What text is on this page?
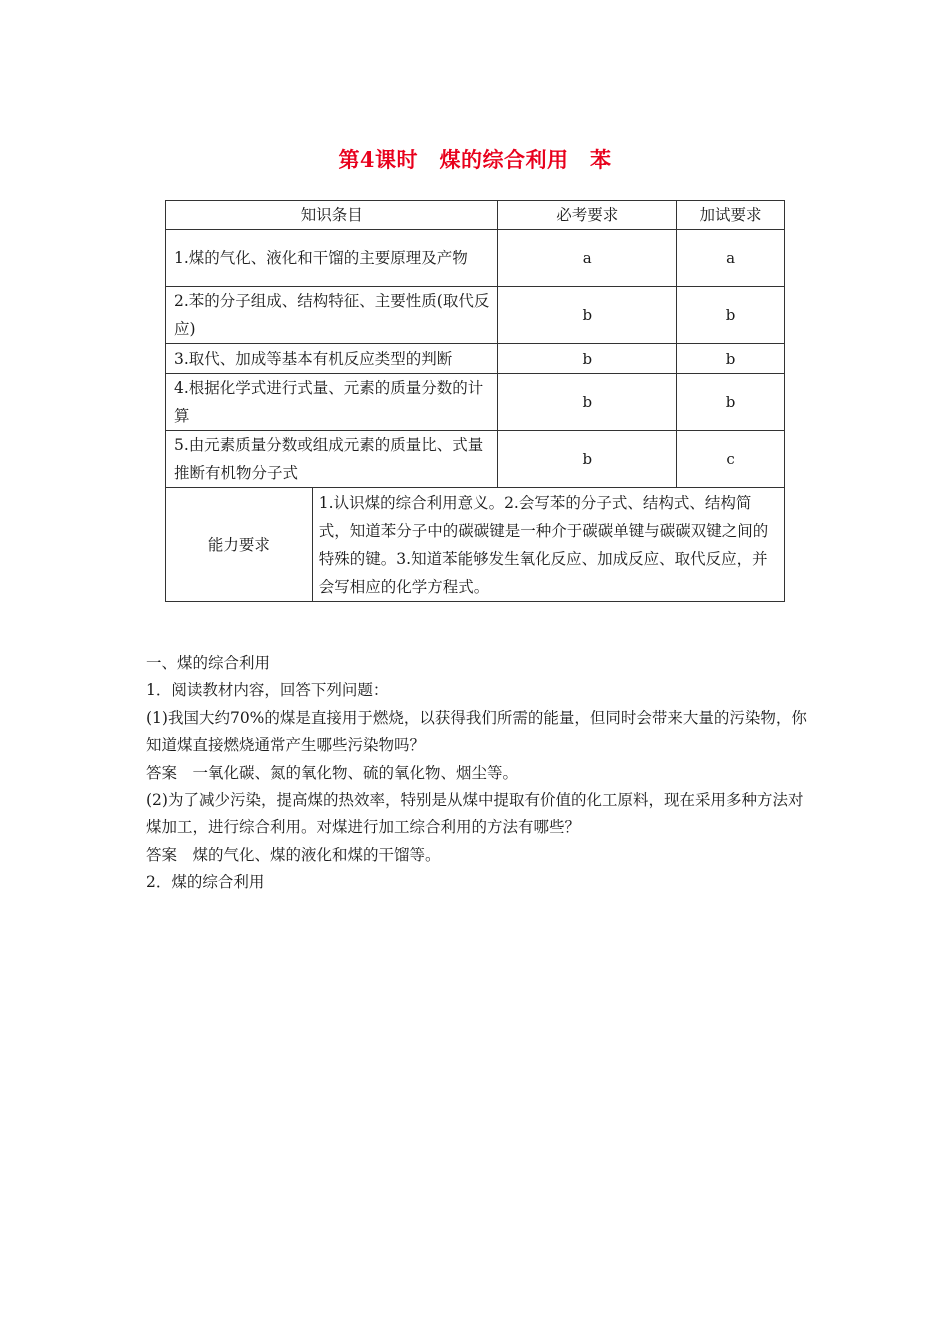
第4课时　煤的综合利用　苯
知识条目		必考要求	加试要求
1.煤的气化、液化和干馏的主要原理及产物		a	a
2.苯的分子组成、结构特征、主要性质(取代反应)		b	b
3.取代、加成等基本有机反应类型的判断		b	b
4.根据化学式进行式量、元素的质量分数的计算		b	b
5.由元素质量分数或组成元素的质量比、式量推断有机物分子式		b	c
能力要求	1.认识煤的综合利用意义。2.会写苯的分子式、结构式、结构简式，知道苯分子中的碳碳键是一种介于碳碳单键与碳碳双键之间的特殊的键。3.知道苯能够发生氧化反应、加成反应、取代反应，并会写相应的化学方程式。		

一、煤的综合利用

1．阅读教材内容，回答下列问题：

(1)我国大约70%的煤是直接用于燃烧，以获得我们所需的能量，但同时会带来大量的污染物，你知道煤直接燃烧通常产生哪些污染物吗？

答案　一氧化碳、氮的氧化物、硫的氧化物、烟尘等。

(2)为了减少污染，提高煤的热效率，特别是从煤中提取有价值的化工原料，现在采用多种方法对煤加工，进行综合利用。对煤进行加工综合利用的方法有哪些？

答案　煤的气化、煤的液化和煤的干馏等。

2．煤的综合利用
